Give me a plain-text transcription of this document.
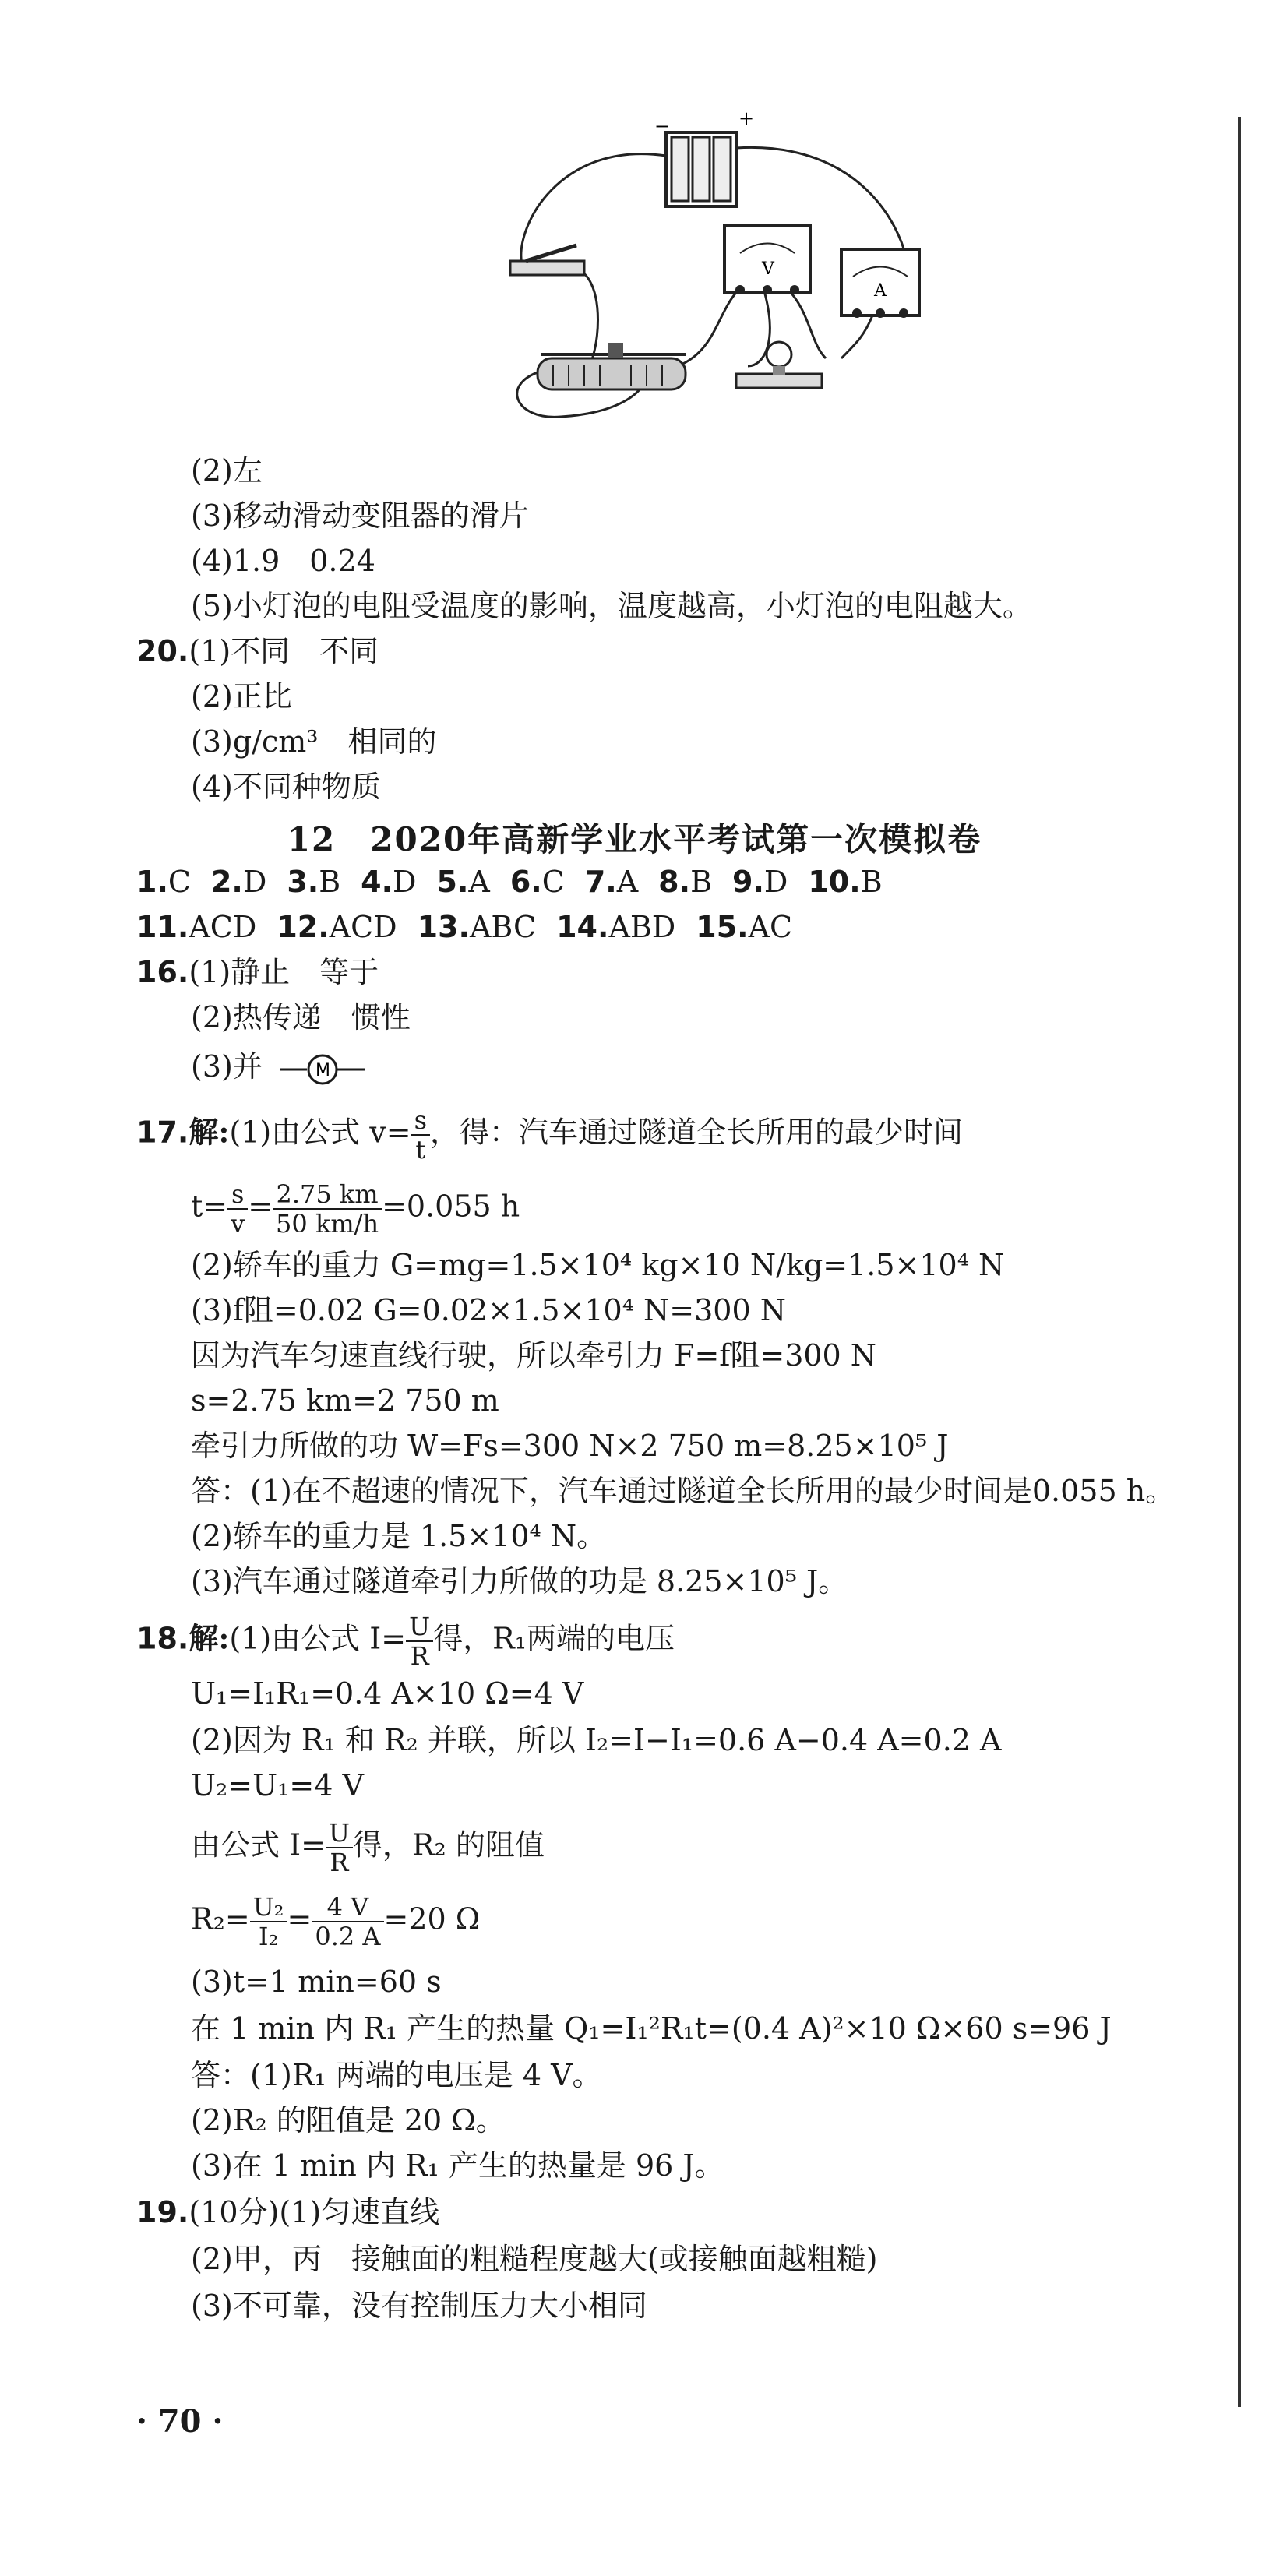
−	+
V
A
(2)左
(3)移动滑动变阻器的滑片
(4)1.9　0.24
(5)小灯泡的电阻受温度的影响，温度越高，小灯泡的电阻越大。
20.(1)不同　不同
(2)正比
(3)g/cm³　相同的
(4)不同种物质
12　2020年高新学业水平考试第一次模拟卷
1.C 2.D 3.B 4.D 5.A 6.C 7.A 8.B 9.D 10.B
11.ACD 12.ACD 13.ABC 14.ABD 15.AC
16.(1)静止　等于
(2)热传递　惯性
(3)并	M
17.解:(1)由公式 $v= \frac{s}{t}$ ，得：汽车通过隧道全长所用的最少时间
$t= \frac{s}{v} = \frac{2.75 km}{50 km/h} =0.055$ h
(2)轿车的重力 G=mg=1.5×10⁴ kg×10 N/kg=1.5×10⁴ N
(3)f阻=0.02 G=0.02×1.5×10⁴ N=300 N
因为汽车匀速直线行驶，所以牵引力 F=f阻=300 N
s=2.75 km=2 750 m
牵引力所做的功 W=Fs=300 N×2 750 m=8.25×10⁵ J
答：(1)在不超速的情况下，汽车通过隧道全长所用的最少时间是0.055 h。
(2)轿车的重力是 1.5×10⁴ N。
(3)汽车通过隧道牵引力所做的功是 8.25×10⁵ J。
18.解:(1)由公式 $I= \frac{U}{R}$ 得，R₁两端的电压
U₁=I₁R₁=0.4 A×10 Ω=4 V
(2)因为 R₁ 和 R₂ 并联，所以 I₂=I−I₁=0.6 A−0.4 A=0.2 A
U₂=U₁=4 V
由公式 $I= \frac{U}{R}$ 得，R₂ 的阻值
$R_2= \frac{\text{U₂}}{\text{I₂}} = \frac{4 V}{0.2 A} =20$ Ω
(3)t=1 min=60 s
在 1 min 内 R₁ 产生的热量 Q₁=I₁²R₁t=(0.4 A)²×10 Ω×60 s=96 J
答：(1)R₁ 两端的电压是 4 V。
(2)R₂ 的阻值是 20 Ω。
(3)在 1 min 内 R₁ 产生的热量是 96 J。
19.(10分)(1)匀速直线
(2)甲，丙　接触面的粗糙程度越大(或接触面越粗糙)
(3)不可靠，没有控制压力大小相同
· 70 ·
